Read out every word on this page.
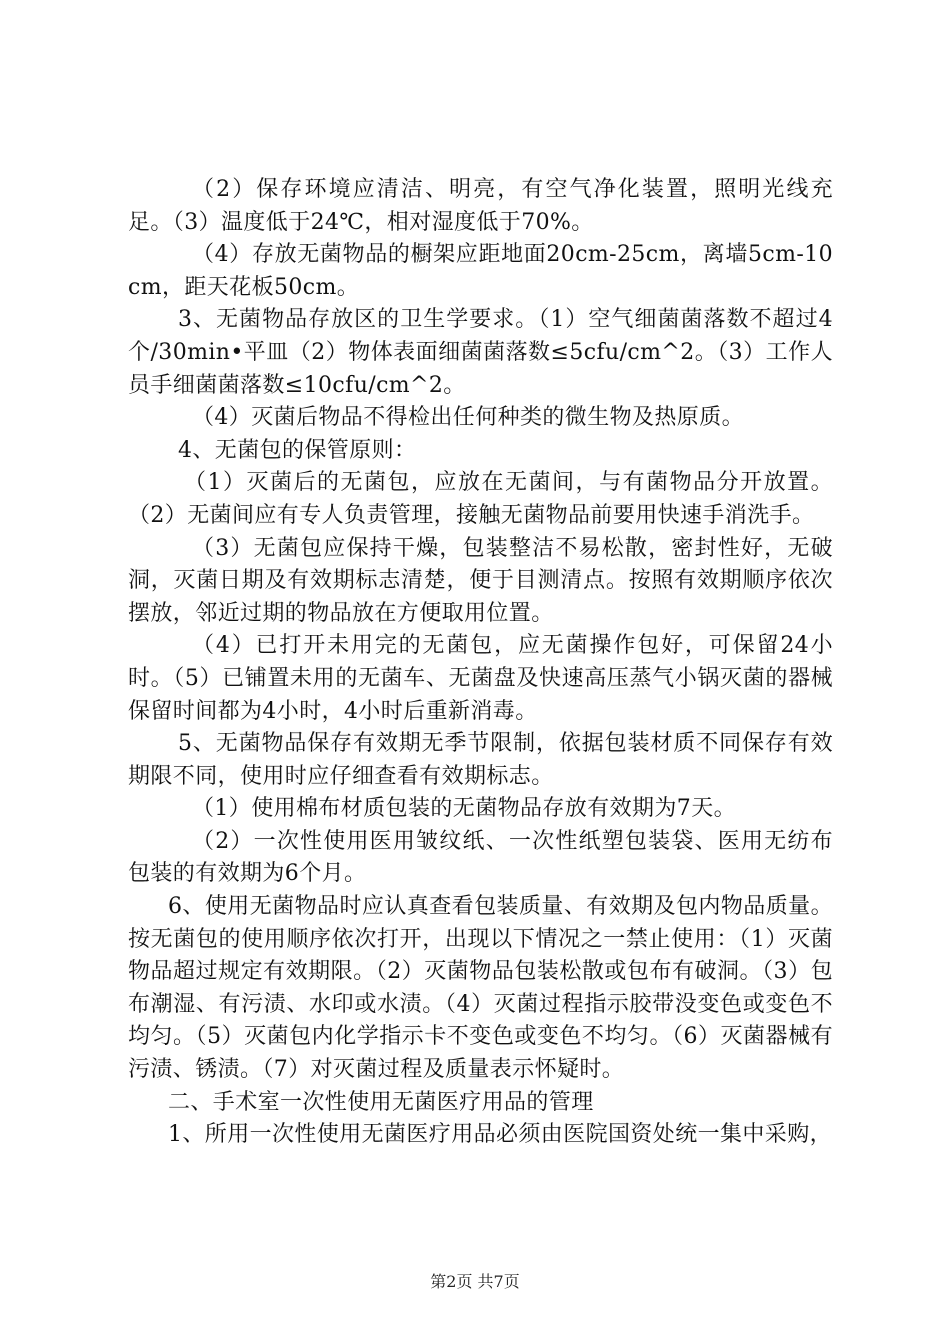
（2）保存环境应清洁、明亮，有空气净化装置，照明光线充足。（3）温度低于24℃，相对湿度低于70%。

（4）存放无菌物品的橱架应距地面20cm-25cm，离墙5cm-10cm，距天花板50cm。

3、无菌物品存放区的卫生学要求。（1）空气细菌菌落数不超过4个/30min•平皿（2）物体表面细菌菌落数≤5cfu/cm^2。（3）工作人员手细菌菌落数≤10cfu/cm^2。

（4）灭菌后物品不得检出任何种类的微生物及热原质。

4、无菌包的保管原则：

（1）灭菌后的无菌包，应放在无菌间，与有菌物品分开放置。（2）无菌间应有专人负责管理，接触无菌物品前要用快速手消洗手。

（3）无菌包应保持干燥，包装整洁不易松散，密封性好，无破洞，灭菌日期及有效期标志清楚，便于目测清点。按照有效期顺序依次摆放，邻近过期的物品放在方便取用位置。

（4）已打开未用完的无菌包，应无菌操作包好，可保留24小时。（5）已铺置未用的无菌车、无菌盘及快速高压蒸气小锅灭菌的器械保留时间都为4小时，4小时后重新消毒。

5、无菌物品保存有效期无季节限制，依据包装材质不同保存有效期限不同，使用时应仔细查看有效期标志。

（1）使用棉布材质包装的无菌物品存放有效期为7天。

（2）一次性使用医用皱纹纸、一次性纸塑包装袋、医用无纺布包装的有效期为6个月。

6、使用无菌物品时应认真查看包装质量、有效期及包内物品质量。按无菌包的使用顺序依次打开，出现以下情况之一禁止使用：（1）灭菌物品超过规定有效期限。（2）灭菌物品包装松散或包布有破洞。（3）包布潮湿、有污渍、水印或水渍。（4）灭菌过程指示胶带没变色或变色不均匀。（5）灭菌包内化学指示卡不变色或变色不均匀。（6）灭菌器械有污渍、锈渍。（7）对灭菌过程及质量表示怀疑时。

二、手术室一次性使用无菌医疗用品的管理

1、所用一次性使用无菌医疗用品必须由医院国资处统一集中采购，

第2页 共7页
